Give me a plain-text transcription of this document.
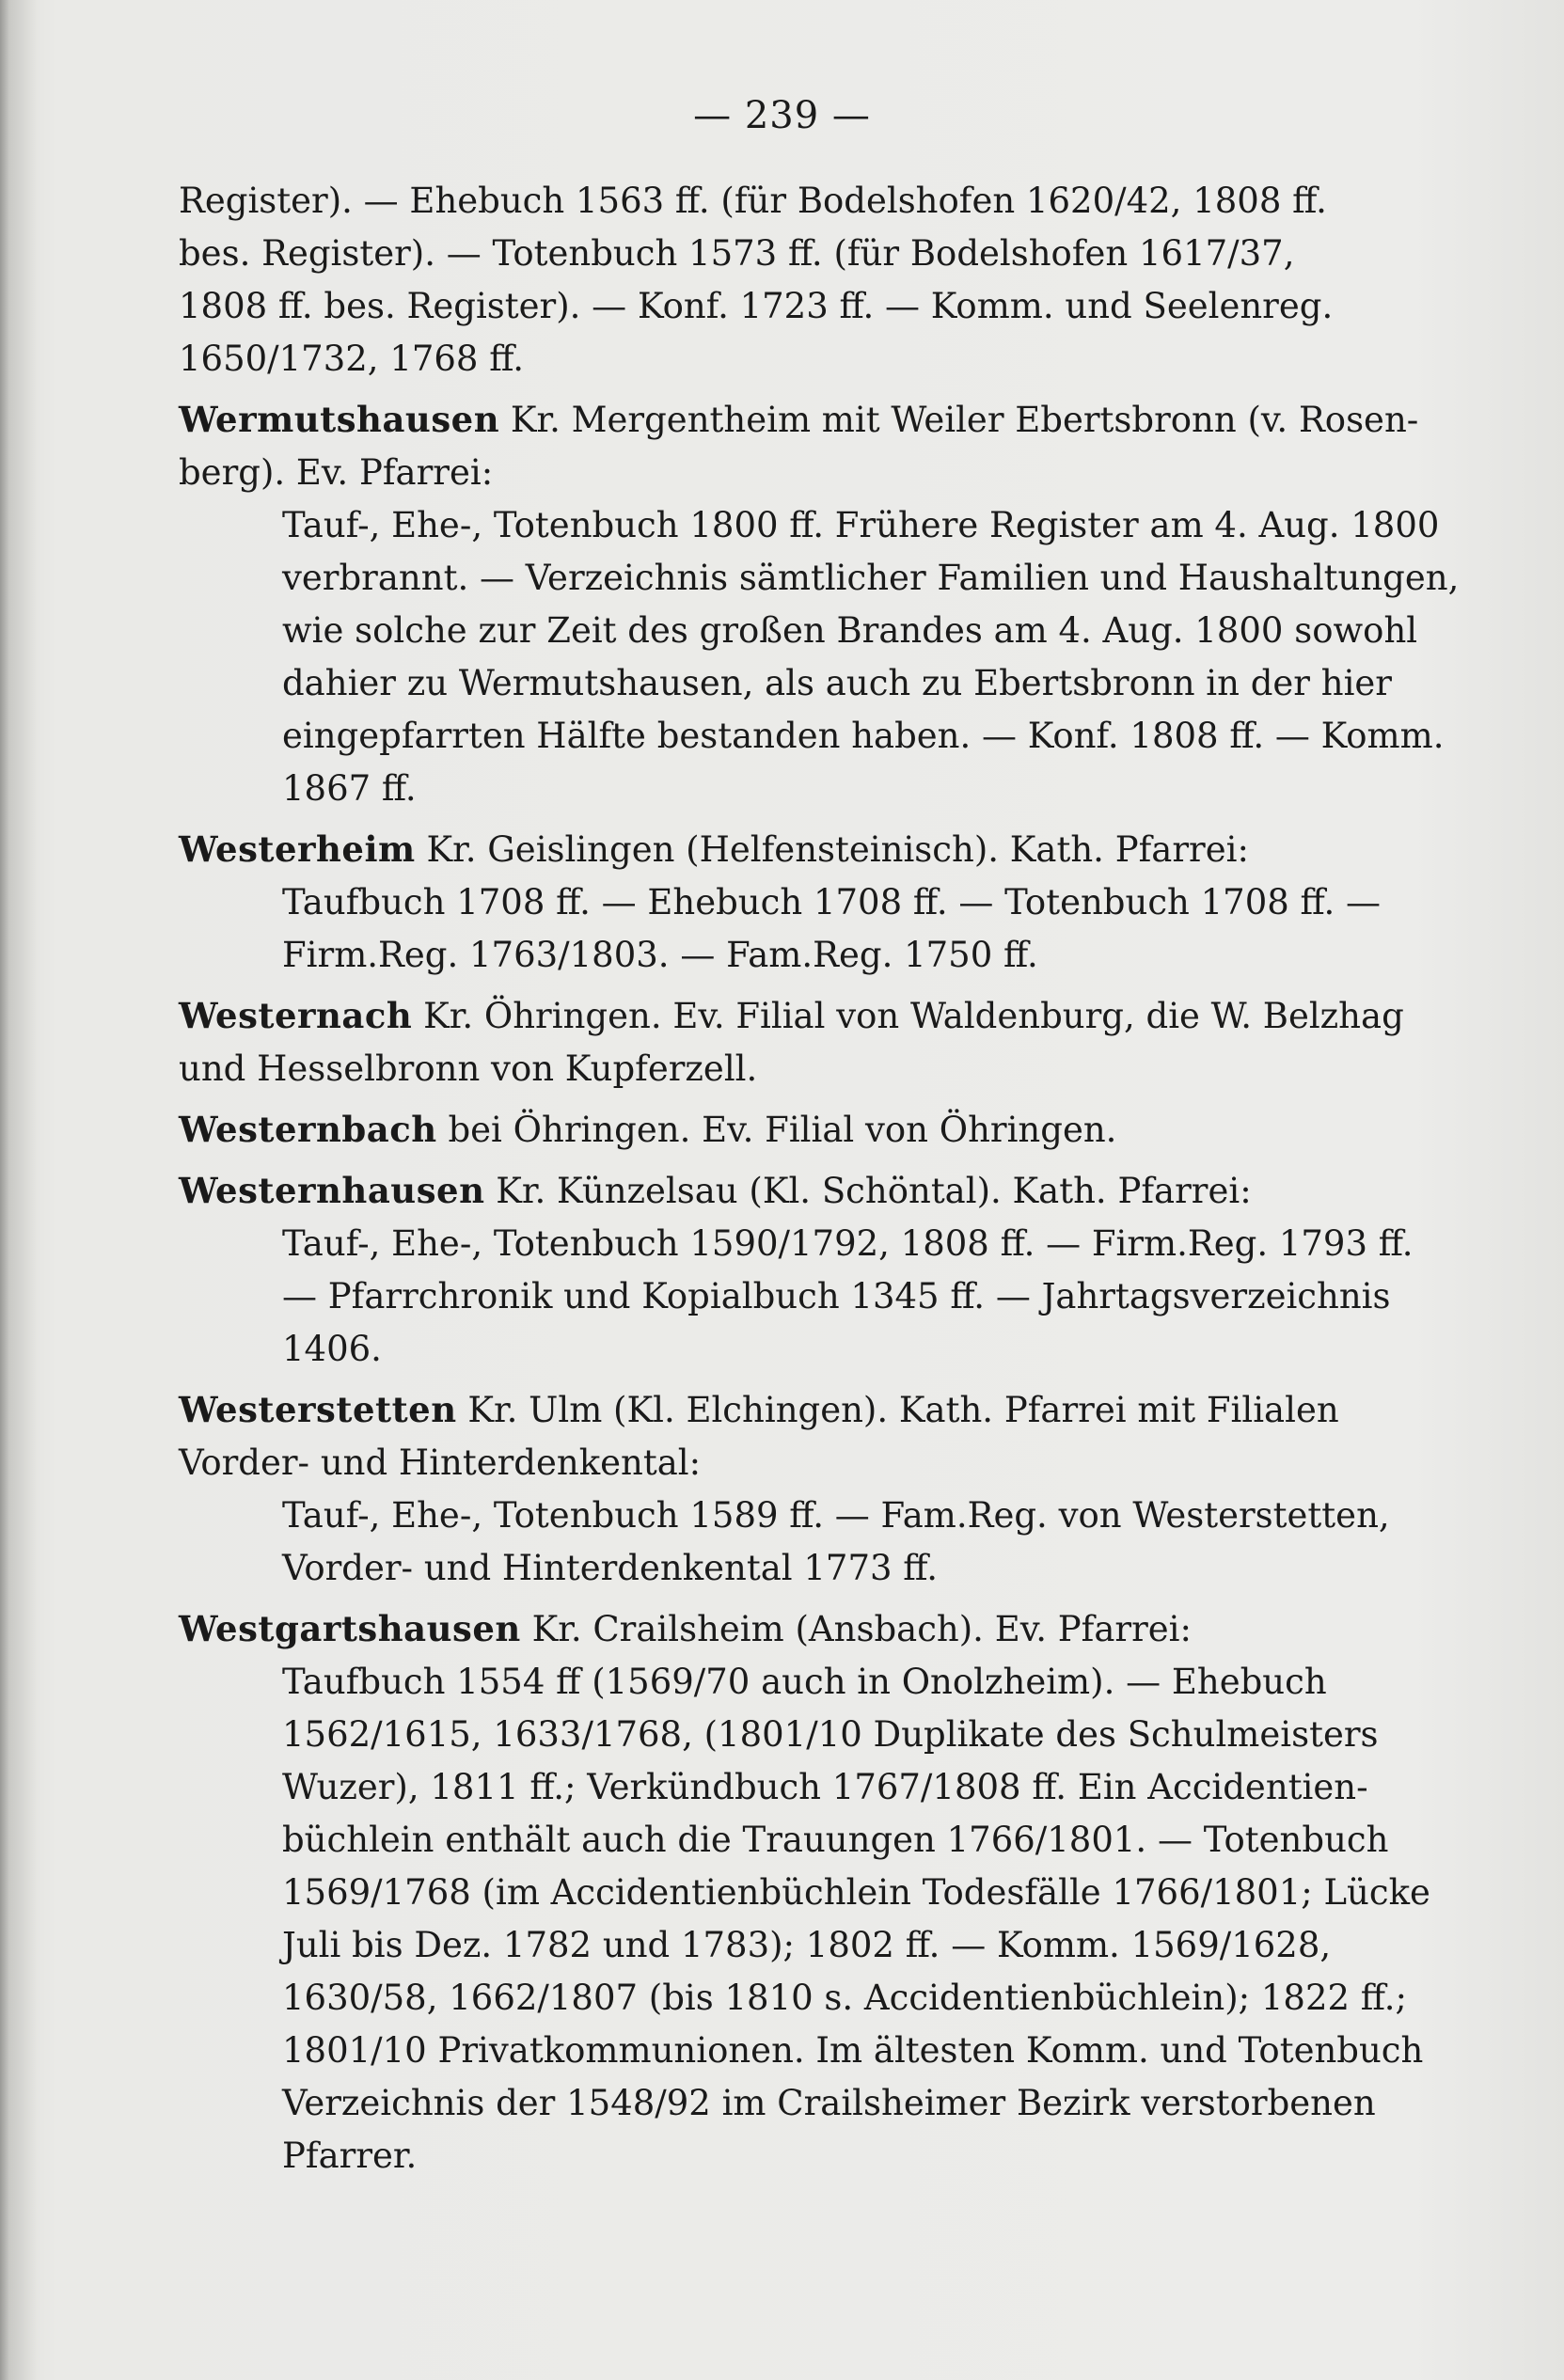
— 239 —
Register). — Ehebuch 1563 ff. (für Bodelshofen 1620/42, 1808 ff.
bes. Register). — Totenbuch 1573 ff. (für Bodelshofen 1617/37,
1808 ff. bes. Register). — Konf. 1723 ff. — Komm. und Seelenreg.
1650/1732, 1768 ff.
Wermutshausen Kr. Mergentheim mit Weiler Ebertsbronn (v. Rosen-
berg). Ev. Pfarrei:
Tauf-, Ehe-, Totenbuch 1800 ff. Frühere Register am 4. Aug. 1800
verbrannt. — Verzeichnis sämtlicher Familien und Haushaltungen,
wie solche zur Zeit des großen Brandes am 4. Aug. 1800 sowohl
dahier zu Wermutshausen, als auch zu Ebertsbronn in der hier
eingepfarrten Hälfte bestanden haben. — Konf. 1808 ff. — Komm.
1867 ff.
Westerheim Kr. Geislingen (Helfensteinisch). Kath. Pfarrei:
Taufbuch 1708 ff. — Ehebuch 1708 ff. — Totenbuch 1708 ff. —
Firm.Reg. 1763/1803. — Fam.Reg. 1750 ff.
Westernach Kr. Öhringen. Ev. Filial von Waldenburg, die W. Belzhag
und Hesselbronn von Kupferzell.
Westernbach bei Öhringen. Ev. Filial von Öhringen.
Westernhausen Kr. Künzelsau (Kl. Schöntal). Kath. Pfarrei:
Tauf-, Ehe-, Totenbuch 1590/1792, 1808 ff. — Firm.Reg. 1793 ff.
— Pfarrchronik und Kopialbuch 1345 ff. — Jahrtagsverzeichnis
1406.
Westerstetten Kr. Ulm (Kl. Elchingen). Kath. Pfarrei mit Filialen
Vorder- und Hinterdenkental:
Tauf-, Ehe-, Totenbuch 1589 ff. — Fam.Reg. von Westerstetten,
Vorder- und Hinterdenkental 1773 ff.
Westgartshausen Kr. Crailsheim (Ansbach). Ev. Pfarrei:
Taufbuch 1554 ff (1569/70 auch in Onolzheim). — Ehebuch
1562/1615, 1633/1768, (1801/10 Duplikate des Schulmeisters
Wuzer), 1811 ff.; Verkündbuch 1767/1808 ff. Ein Accidentien-
büchlein enthält auch die Trauungen 1766/1801. — Totenbuch
1569/1768 (im Accidentienbüchlein Todesfälle 1766/1801; Lücke
Juli bis Dez. 1782 und 1783); 1802 ff. — Komm. 1569/1628,
1630/58, 1662/1807 (bis 1810 s. Accidentienbüchlein); 1822 ff.;
1801/10 Privatkommunionen. Im ältesten Komm. und Totenbuch
Verzeichnis der 1548/92 im Crailsheimer Bezirk verstorbenen
Pfarrer.
